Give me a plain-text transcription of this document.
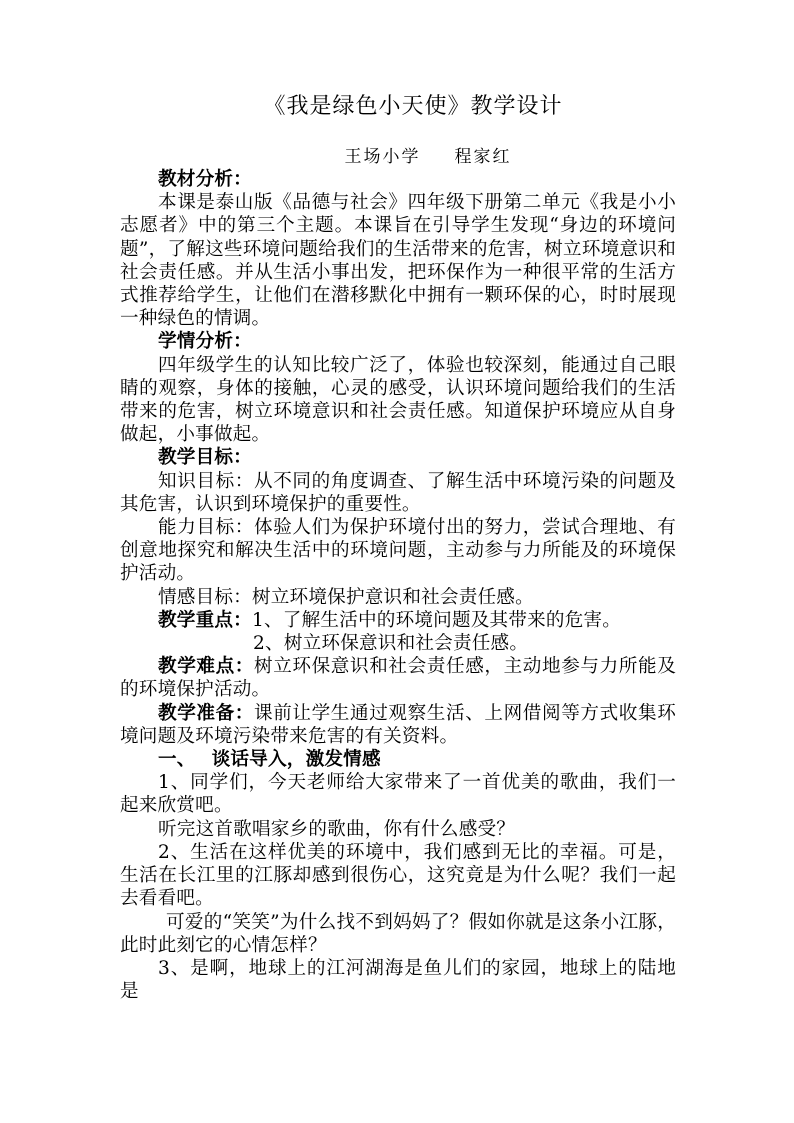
《我是绿色小天使》教学设计
王场小学 程家红

教材分析：

本课是泰山版《品德与社会》四年级下册第二单元《我是小小志愿者》中的第三个主题。本课旨在引导学生发现“身边的环境问题”，了解这些环境问题给我们的生活带来的危害，树立环境意识和社会责任感。并从生活小事出发，把环保作为一种很平常的生活方式推荐给学生，让他们在潜移默化中拥有一颗环保的心，时时展现一种绿色的情调。

学情分析：

四年级学生的认知比较广泛了，体验也较深刻，能通过自己眼睛的观察，身体的接触，心灵的感受，认识环境问题给我们的生活带来的危害，树立环境意识和社会责任感。知道保护环境应从自身做起，小事做起。

教学目标：

知识目标：从不同的角度调查、了解生活中环境污染的问题及其危害，认识到环境保护的重要性。

能力目标：体验人们为保护环境付出的努力，尝试合理地、有创意地探究和解决生活中的环境问题，主动参与力所能及的环境保护活动。

情感目标：树立环境保护意识和社会责任感。

教学重点：1、了解生活中的环境问题及其带来的危害。

2、树立环保意识和社会责任感。

教学难点：树立环保意识和社会责任感，主动地参与力所能及的环境保护活动。

教学准备：课前让学生通过观察生活、上网借阅等方式收集环境问题及环境污染带来危害的有关资料。

一、 谈话导入，激发情感

1、同学们，今天老师给大家带来了一首优美的歌曲，我们一起来欣赏吧。

听完这首歌唱家乡的歌曲，你有什么感受？

2、生活在这样优美的环境中，我们感到无比的幸福。可是，生活在长江里的江豚却感到很伤心，这究竟是为什么呢？我们一起去看看吧。

可爱的“笑笑”为什么找不到妈妈了？假如你就是这条小江豚，此时此刻它的心情怎样？

3、是啊，地球上的江河湖海是鱼儿们的家园，地球上的陆地是
